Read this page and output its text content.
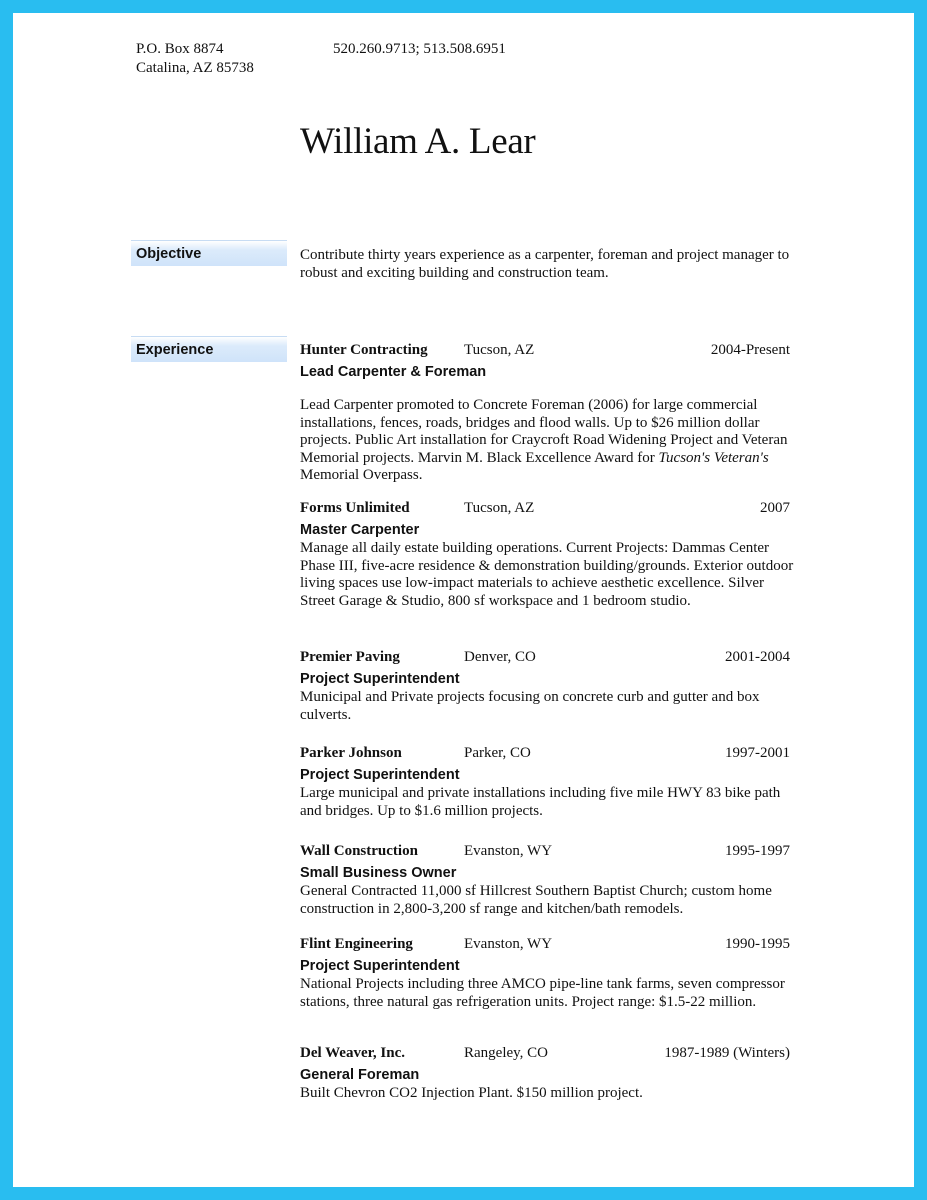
P.O. Box 8874
Catalina, AZ 85738
520.260.9713; 513.508.6951
William A. Lear
Objective	Contribute thirty years experience as a carpenter, foreman and project manager to robust and exciting building and construction team.
Experience	Hunter Contracting Tucson, AZ	2004-Present
Lead Carpenter & Foreman
Lead Carpenter promoted to Concrete Foreman (2006) for large commercial installations, fences, roads, bridges and flood walls. Up to $26 million dollar projects. Public Art installation for Craycroft Road Widening Project and Veteran Memorial projects. Marvin M. Black Excellence Award for Tucson's Veteran's Memorial Overpass.
Forms Unlimited	Tucson, AZ	2007
Master Carpenter
Manage all daily estate building operations. Current Projects: Dammas Center Phase III, five-acre residence & demonstration building/grounds. Exterior outdoor living spaces use low-impact materials to achieve aesthetic excellence. Silver Street Garage & Studio, 800 sf workspace and 1 bedroom studio.
Premier Paving	Denver, CO	2001-2004
Project Superintendent
Municipal and Private projects focusing on concrete curb and gutter and box culverts.
Parker Johnson	Parker, CO	1997-2001
Project Superintendent
Large municipal and private installations including five mile HWY 83 bike path and bridges. Up to $1.6 million projects.
Wall Construction	Evanston, WY	1995-1997
Small Business Owner
General Contracted 11,000 sf Hillcrest Southern Baptist Church; custom home construction in 2,800-3,200 sf range and kitchen/bath remodels.
Flint Engineering	Evanston, WY	1990-1995
Project Superintendent
National Projects including three AMCO pipe-line tank farms, seven compressor stations, three natural gas refrigeration units. Project range: $1.5-22 million.
Del Weaver, Inc.	Rangeley, CO	1987-1989 (Winters)
General Foreman
Built Chevron CO2 Injection Plant. $150 million project.
